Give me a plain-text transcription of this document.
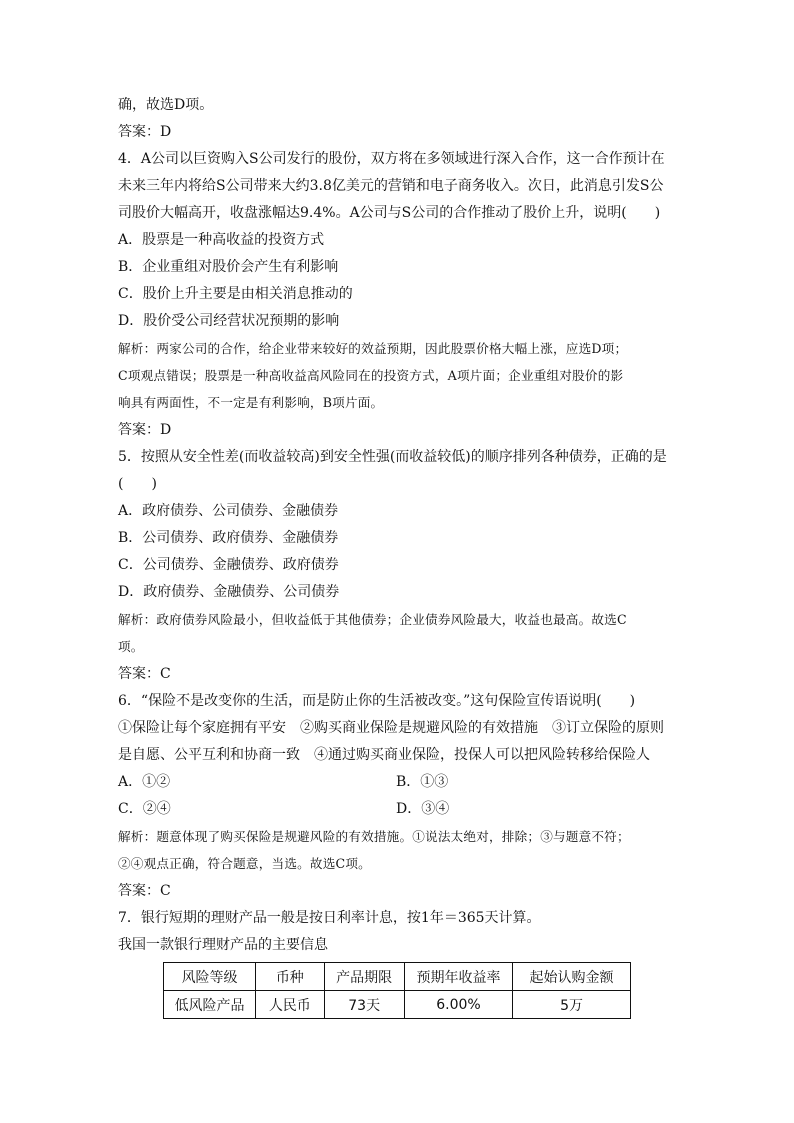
确，故选D项。
答案：D
4．A公司以巨资购入S公司发行的股份，双方将在多领域进行深入合作，这一合作预计在
未来三年内将给S公司带来大约3.8亿美元的营销和电子商务收入。次日，此消息引发S公
司股价大幅高开，收盘涨幅达9.4%。A公司与S公司的合作推动了股价上升，说明(　　)
A．股票是一种高收益的投资方式
B．企业重组对股价会产生有利影响
C．股价上升主要是由相关消息推动的
D．股价受公司经营状况预期的影响
解析：两家公司的合作，给企业带来较好的效益预期，因此股票价格大幅上涨，应选D项；
C项观点错误；股票是一种高收益高风险同在的投资方式，A项片面；企业重组对股价的影
响具有两面性，不一定是有利影响，B项片面。
答案：D
5．按照从安全性差(而收益较高)到安全性强(而收益较低)的顺序排列各种债券，正确的是
(　　)
A．政府债券、公司债券、金融债券
B．公司债券、政府债券、金融债券
C．公司债券、金融债券、政府债券
D．政府债券、金融债券、公司债券
解析：政府债券风险最小，但收益低于其他债券；企业债券风险最大，收益也最高。故选C
项。
答案：C
6．“保险不是改变你的生活，而是防止你的生活被改变。”这句保险宣传语说明(　　)
①保险让每个家庭拥有平安　②购买商业保险是规避风险的有效措施　③订立保险的原则
是自愿、公平互利和协商一致　④通过购买商业保险，投保人可以把风险转移给保险人
A．①②	B．①③
C．②④	D．③④
解析：题意体现了购买保险是规避风险的有效措施。①说法太绝对，排除；③与题意不符；
②④观点正确，符合题意，当选。故选C项。
答案：C
7．银行短期的理财产品一般是按日利率计息，按1年＝365天计算。
我国一款银行理财产品的主要信息
风险等级	币种	产品期限	预期年收益率	起始认购金额
低风险产品	人民币	73天	6.00%	5万
